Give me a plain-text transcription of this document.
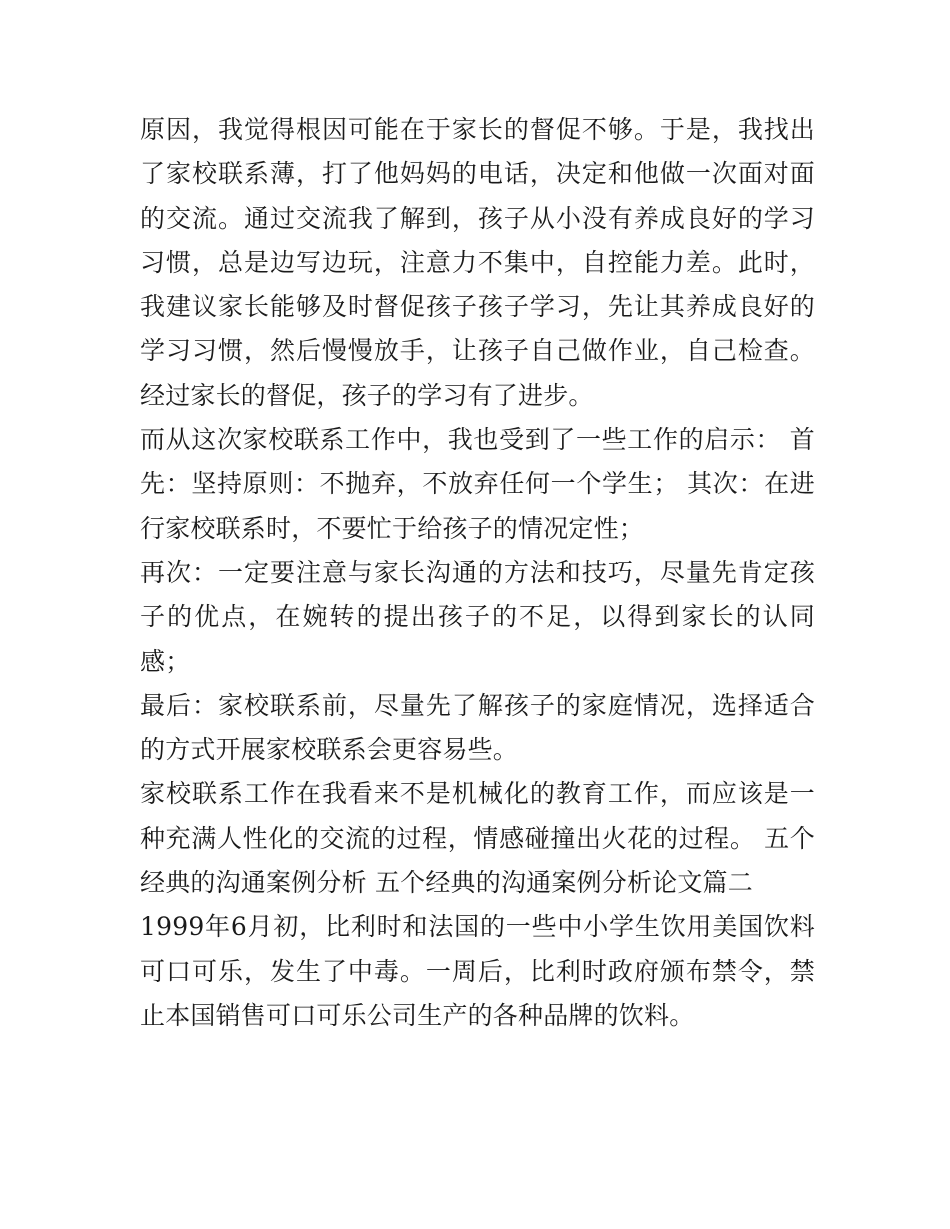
原因，我觉得根因可能在于家长的督促不够。于是，我找出了家校联系薄，打了他妈妈的电话，决定和他做一次面对面的交流。通过交流我了解到，孩子从小没有养成良好的学习习惯，总是边写边玩，注意力不集中，自控能力差。此时，我建议家长能够及时督促孩子孩子学习，先让其养成良好的学习习惯，然后慢慢放手，让孩子自己做作业，自己检查。经过家长的督促，孩子的学习有了进步。

而从这次家校联系工作中，我也受到了一些工作的启示： 首先：坚持原则：不抛弃，不放弃任何一个学生； 其次：在进行家校联系时，不要忙于给孩子的情况定性；

再次：一定要注意与家长沟通的方法和技巧，尽量先肯定孩子的优点，在婉转的提出孩子的不足，以得到家长的认同感；

最后：家校联系前，尽量先了解孩子的家庭情况，选择适合的方式开展家校联系会更容易些。

家校联系工作在我看来不是机械化的教育工作，而应该是一种充满人性化的交流的过程，情感碰撞出火花的过程。 五个经典的沟通案例分析 五个经典的沟通案例分析论文篇二

1999年6月初，比利时和法国的一些中小学生饮用美国饮料可口可乐，发生了中毒。一周后，比利时政府颁布禁令，禁止本国销售可口可乐公司生产的各种品牌的饮料。
